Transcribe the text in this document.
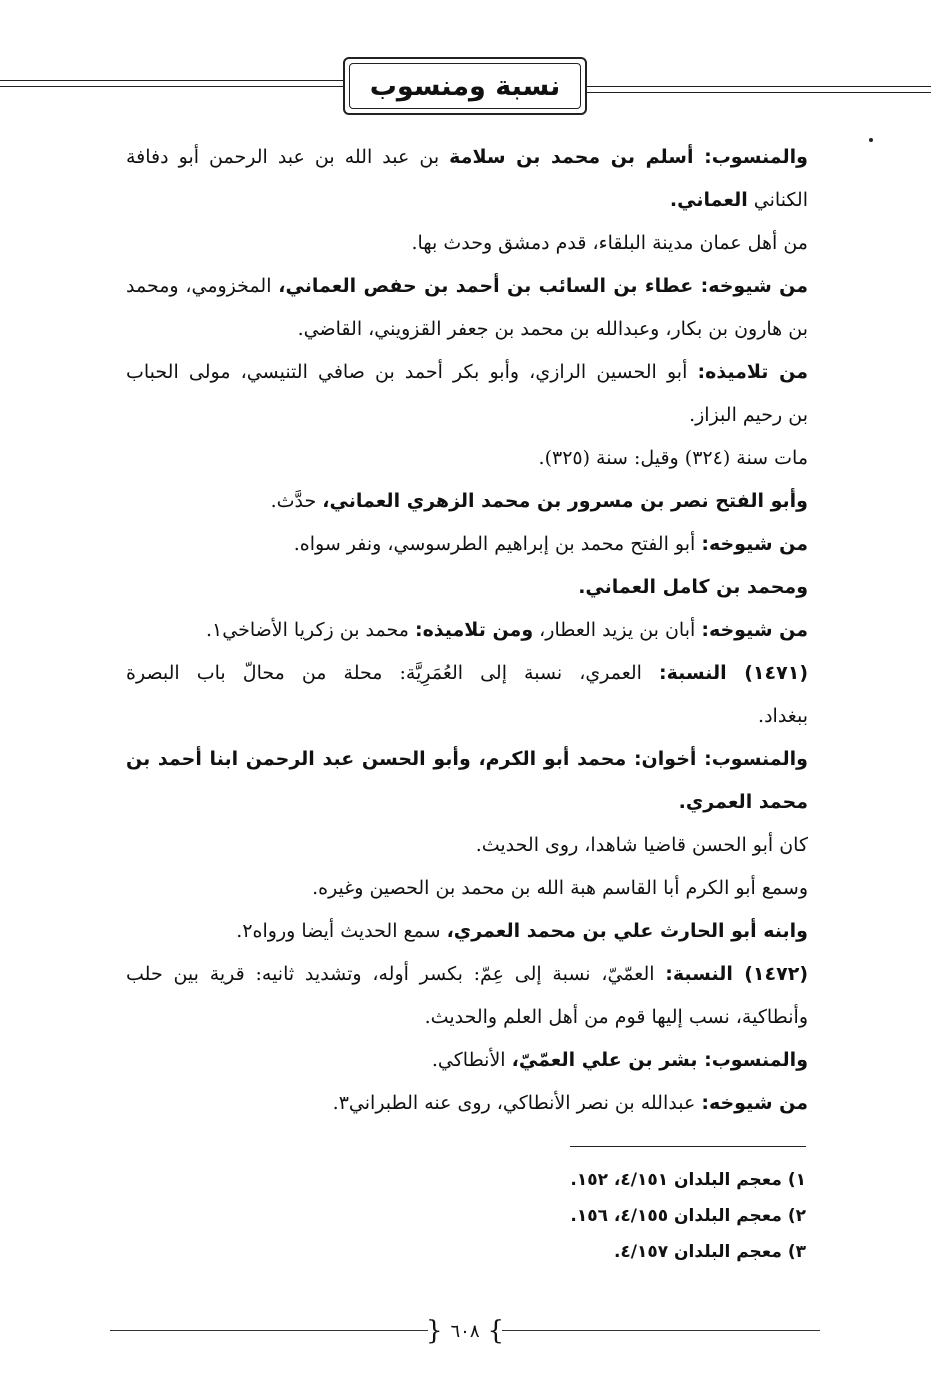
نسبة ومنسوب
والمنسوب: أسلم بن محمد بن سلامة بن عبد الله بن عبد الرحمن أبو دفافة
الكناني العماني.
من أهل عمان مدينة البلقاء، قدم دمشق وحدث بها.
من شيوخه: عطاء بن السائب بن أحمد بن حفص العماني، المخزومي، ومحمد
بن هارون بن بكار، وعبدالله بن محمد بن جعفر القزويني، القاضي.
من تلاميذه: أبو الحسين الرازي، وأبو بكر أحمد بن صافي التنيسي، مولى الحباب
بن رحيم البزاز.
مات سنة (٣٢٤) وقيل: سنة (٣٢٥).
وأبو الفتح نصر بن مسرور بن محمد الزهري العماني، حدَّث.
من شيوخه: أبو الفتح محمد بن إبراهيم الطرسوسي، ونفر سواه.
ومحمد بن كامل العماني.
من شيوخه: أبان بن يزيد العطار، ومن تلاميذه: محمد بن زكريا الأضاخي١.
(١٤٧١) النسبة: العمري، نسبة إلى العُمَرِيَّة: محلة من محالّ باب البصرة
ببغداد.
والمنسوب: أخوان: محمد أبو الكرم، وأبو الحسن عبد الرحمن ابنا أحمد بن
محمد العمري.
كان أبو الحسن قاضيا شاهدا، روى الحديث.
وسمع أبو الكرم أبا القاسم هبة الله بن محمد بن الحصين وغيره.
وابنه أبو الحارث علي بن محمد العمري، سمع الحديث أيضا ورواه٢.
(١٤٧٢) النسبة: العمّيّ، نسبة إلى عِمّ: بكسر أوله، وتشديد ثانيه: قرية بين حلب
وأنطاكية، نسب إليها قوم من أهل العلم والحديث.
والمنسوب: بشر بن علي العمّيّ، الأنطاكي.
من شيوخه: عبدالله بن نصر الأنطاكي، روى عنه الطبراني٣.
١) معجم البلدان ٤/١٥١، ١٥٢.
٢) معجم البلدان ٤/١٥٥، ١٥٦.
٣) معجم البلدان ٤/١٥٧.
}
٦٠٨
{
